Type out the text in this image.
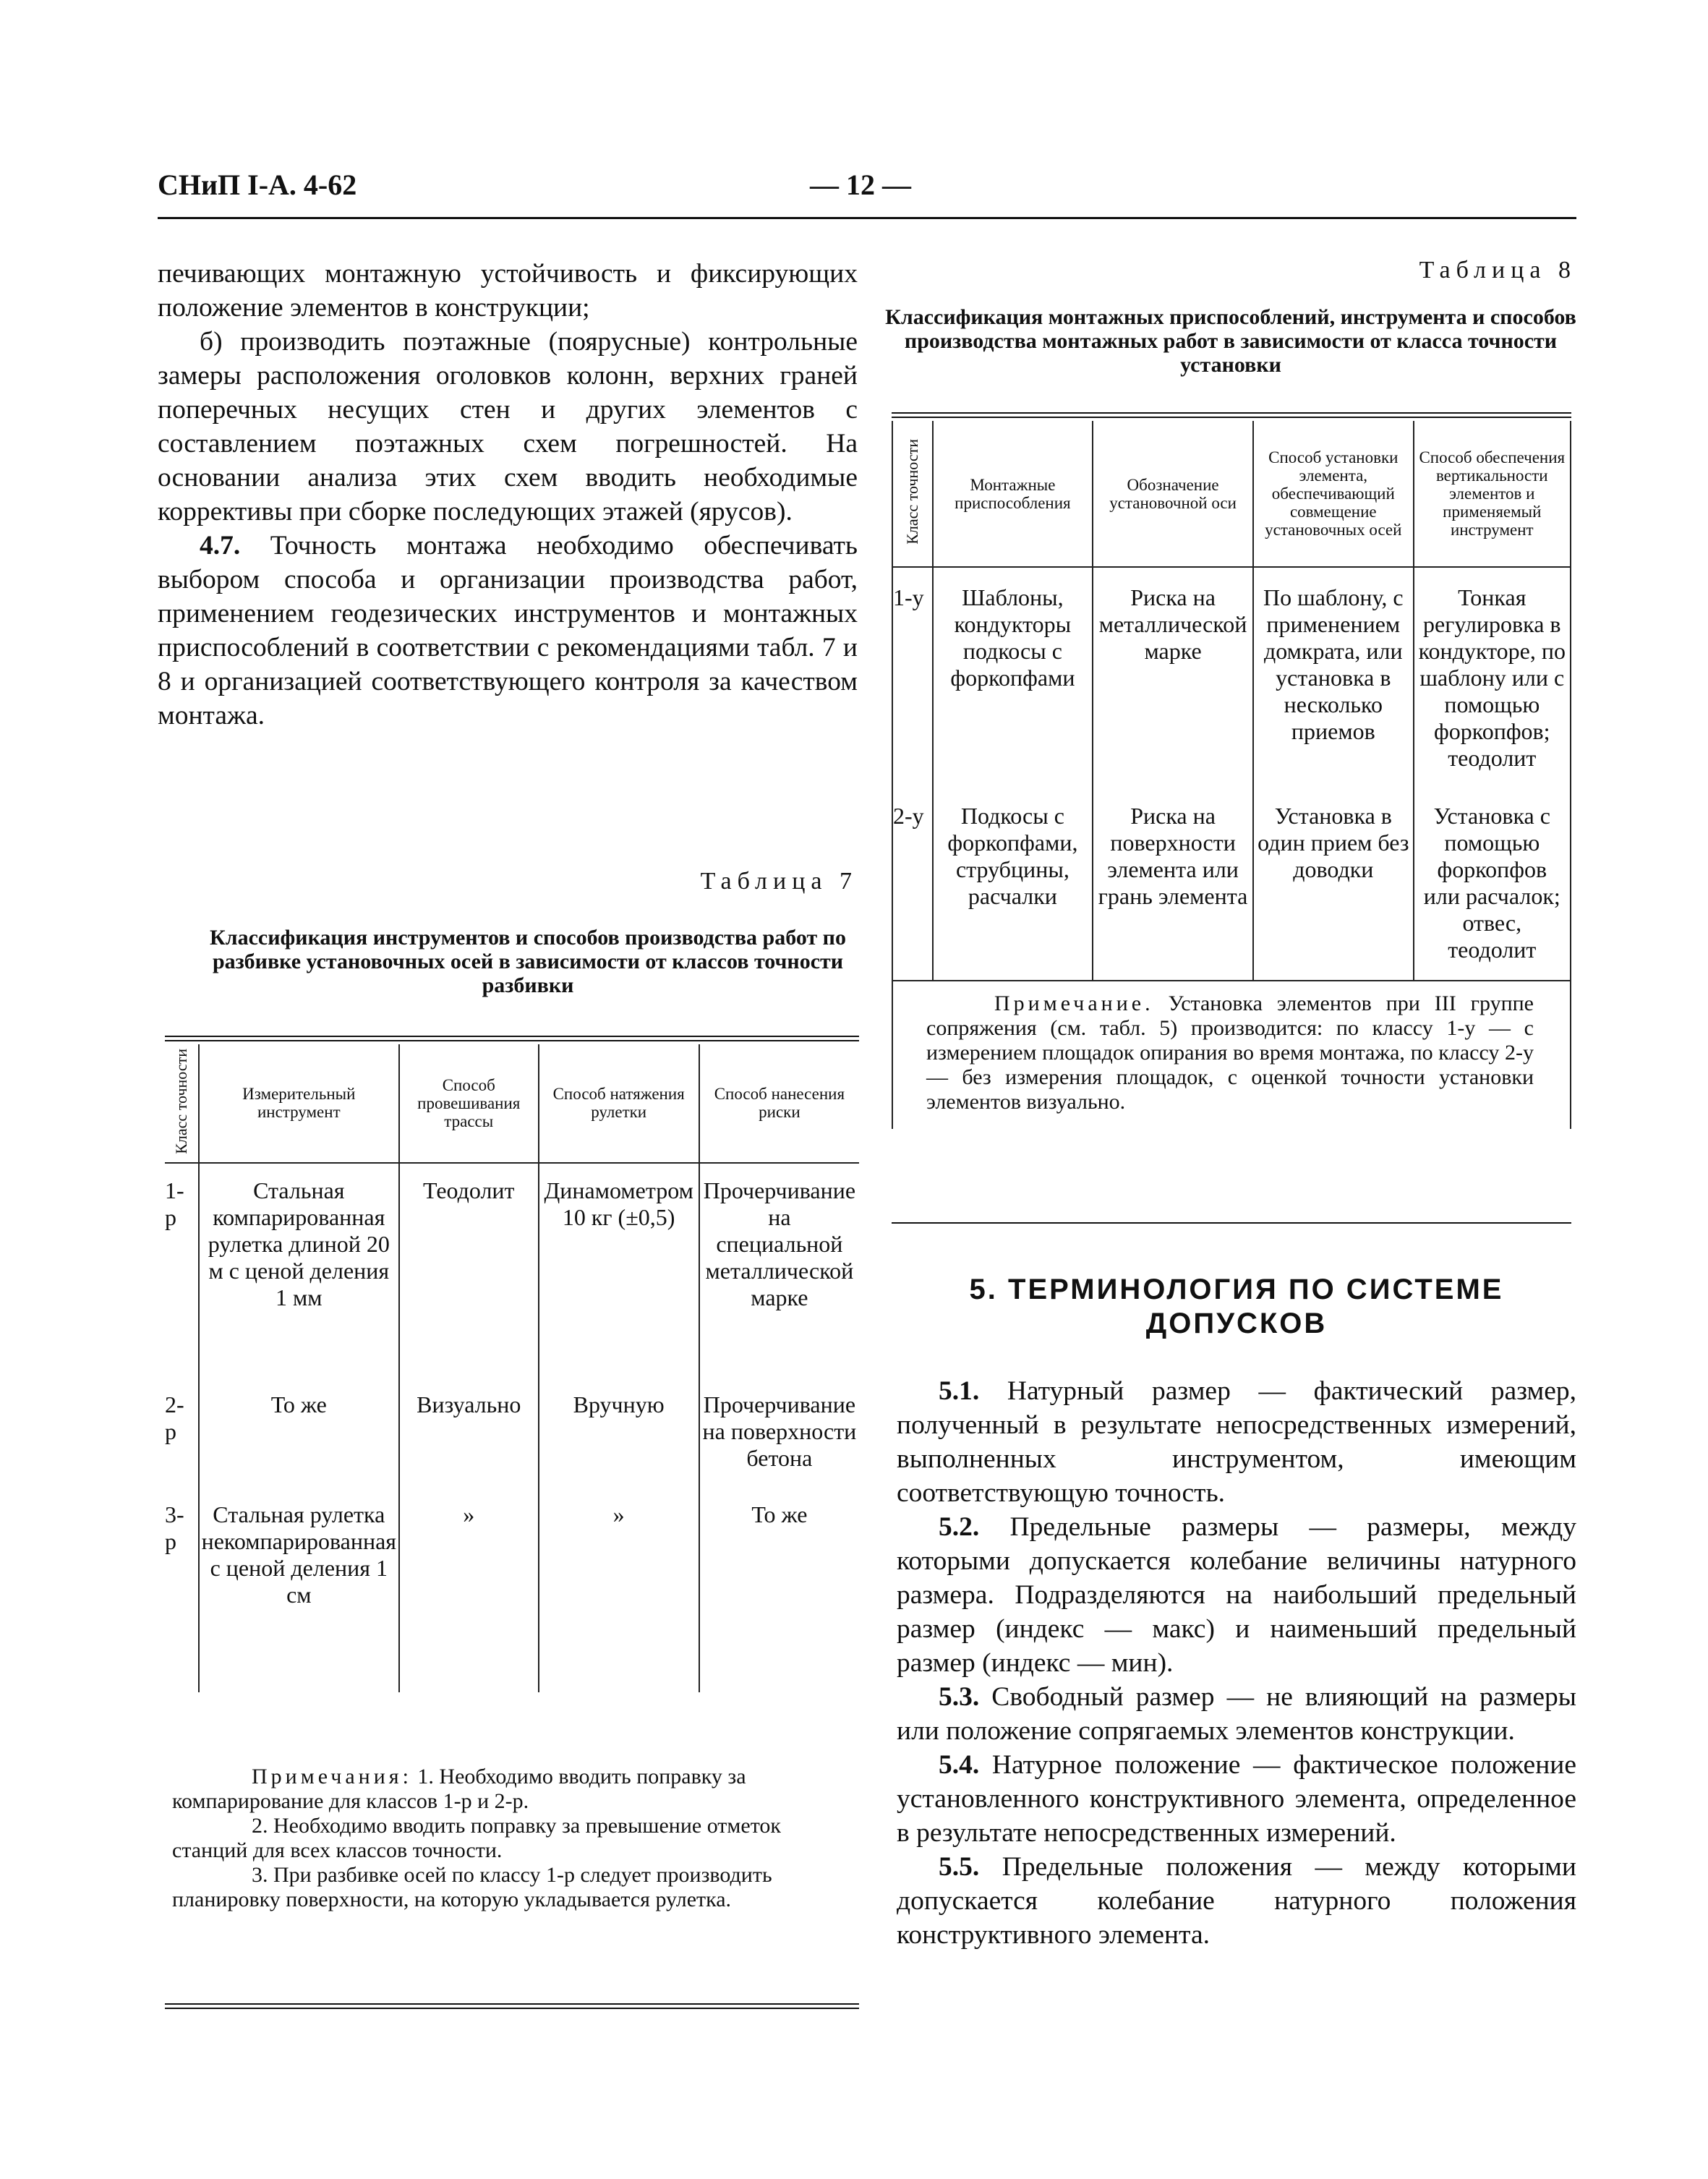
СНиП I-А. 4-62	— 12 —

печивающих монтажную устойчивость и фиксирующих положение элементов в конструкции;

б) производить поэтажные (поярусные) контрольные замеры расположения оголовков колонн, верхних граней поперечных несущих стен и других элементов с составлением поэтажных схем погрешностей. На основании анализа этих схем вводить необходимые коррективы при сборке последующих этажей (ярусов).

4.7. Точность монтажа необходимо обеспечивать выбором способа и организации производства работ, применением геодезических инструментов и монтажных приспособлений в соответствии с рекомендациями табл. 7 и 8 и организацией соответствующего контроля за качеством монтажа.

Таблица 7
Классификация инструментов и способов производства работ по разбивке установочных осей в зависимости от классов точности разбивки
Класс точности	Измерительный инструмент	Способ провешивания трассы	Способ натяжения рулетки	Способ нанесения риски

1-р	Стальная компарированная рулетка длиной 20 м с ценой деления 1 мм	Теодолит	Динамометром 10 кг (±0,5)	Прочерчивание на специальной металлической марке
2-р	То же	Визуально	Вручную	Прочерчивание на поверхности бетона
3-р	Стальная рулетка некомпарированная с ценой деления 1 см	»	»	То же

Примечания: 1. Необходимо вводить поправку за компарирование для классов 1-р и 2-р.

2. Необходимо вводить поправку за превышение отметок станций для всех классов точности.

3. При разбивке осей по классу 1-р следует производить планировку поверхности, на которую укладывается рулетка.

Таблица 8
Классификация монтажных приспособлений, инструмента и способов производства монтажных работ в зависимости от класса точности установки
Класс точности	Монтажные приспособления	Обозначение установочной оси	Способ установки элемента, обеспечивающий совмещение установочных осей	Способ обеспечения вертикальности элементов и применяемый инструмент

1-у	Шаблоны, кондукторы подкосы с форкопфами	Риска на металлической марке	По шаблону, с применением домкрата, или установка в несколько приемов	Тонкая регулировка в кондукторе, по шаблону или с помощью форкопфов; теодолит
2-у	Подкосы с форкопфами, струбцины, расчалки	Риска на поверхности элемента или грань элемента	Установка в один прием без доводки	Установка с помощью форкопфов или расчалок; отвес, теодолит
Примечание. Установка элементов при III группе сопряжения (см. табл. 5) производится: по классу 1-у — с измерением площадок опирания во время монтажа, по классу 2-у — без измерения площадок, с оценкой точности установки элементов визуально.				
5. ТЕРМИНОЛОГИЯ ПО СИСТЕМЕ ДОПУСКОВ

5.1. Натурный размер — фактический размер, полученный в результате непосредственных измерений, выполненных инструментом, имеющим соответствующую точность.

5.2. Предельные размеры — размеры, между которыми допускается колебание величины натурного размера. Подразделяются на наибольший предельный размер (индекс — макс) и наименьший предельный размер (индекс — мин).

5.3. Свободный размер — не влияющий на размеры или положение сопрягаемых элементов конструкции.

5.4. Натурное положение — фактическое положение установленного конструктивного элемента, определенное в результате непосредственных измерений.

5.5. Предельные положения — между которыми допускается колебание натурного положения конструктивного элемента.
